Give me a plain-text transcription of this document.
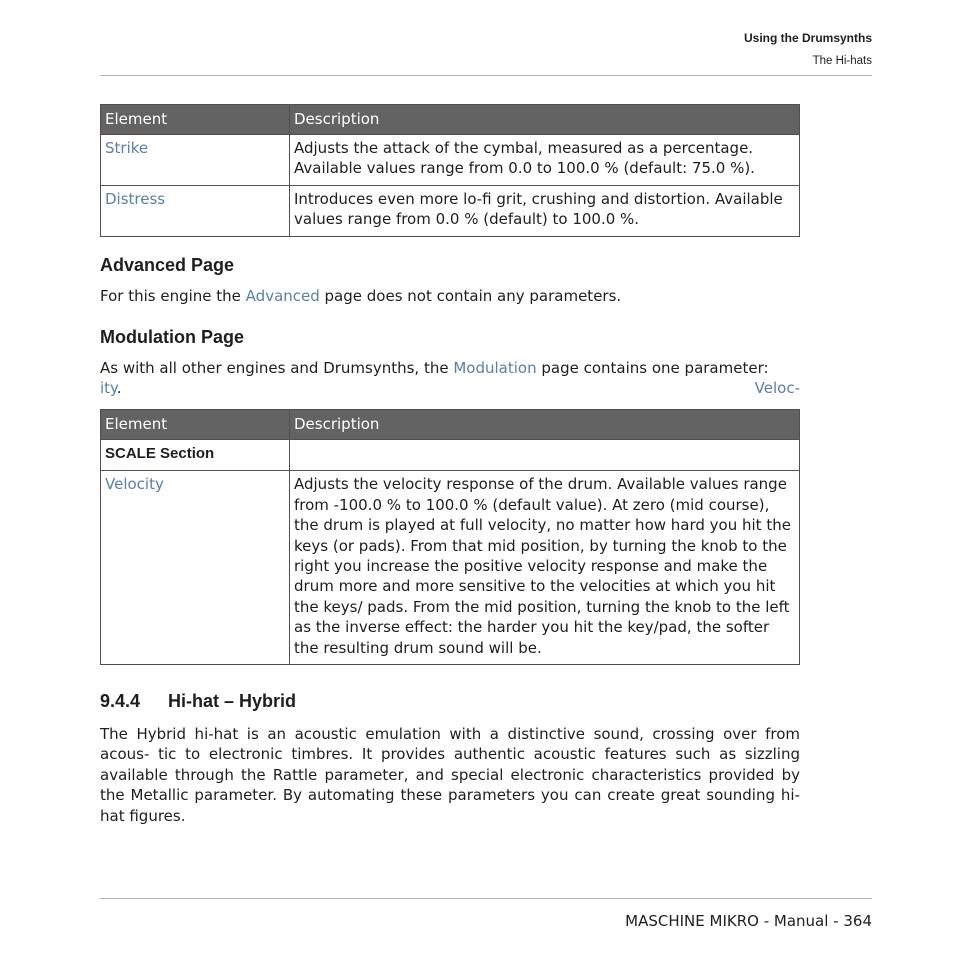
Using the Drumsynths
The Hi-hats
Element	Description
Strike	Adjusts the attack of the cymbal, measured as a percentage. Available values range from 0.0 to 100.0 % (default: 75.0 %).
Distress	Introduces even more lo-fi grit, crushing and distortion. Available values range from 0.0 % (default) to 100.0 %.
Advanced Page

For this engine the Advanced page does not contain any parameters.

Modulation Page

As with all other engines and Drumsynths, the Modulation page contains one parameter:
Veloc-

ity.

Element	Description
SCALE Section	
Velocity	Adjusts the velocity response of the drum. Available values range from -100.0 % to 100.0 % (default value). At zero (mid course), the drum is played at full velocity, no matter how hard you hit the keys (or pads). From that mid position, by turning the knob to the right you increase the positive velocity response and make the drum more and more sensitive to the velocities at which you hit the keys/ pads. From the mid position, turning the knob to the left as the inverse effect: the harder you hit the key/pad, the softer the resulting drum sound will be.
9.4.4 Hi-hat – Hybrid

The Hybrid hi-hat is an acoustic emulation with a distinctive sound, crossing over from acous- tic to electronic timbres. It provides authentic acoustic features such as sizzling available through the Rattle parameter, and special electronic characteristics provided by the Metallic parameter. By automating these parameters you can create great sounding hi-hat figures.

MASCHINE MIKRO - Manual - 364
